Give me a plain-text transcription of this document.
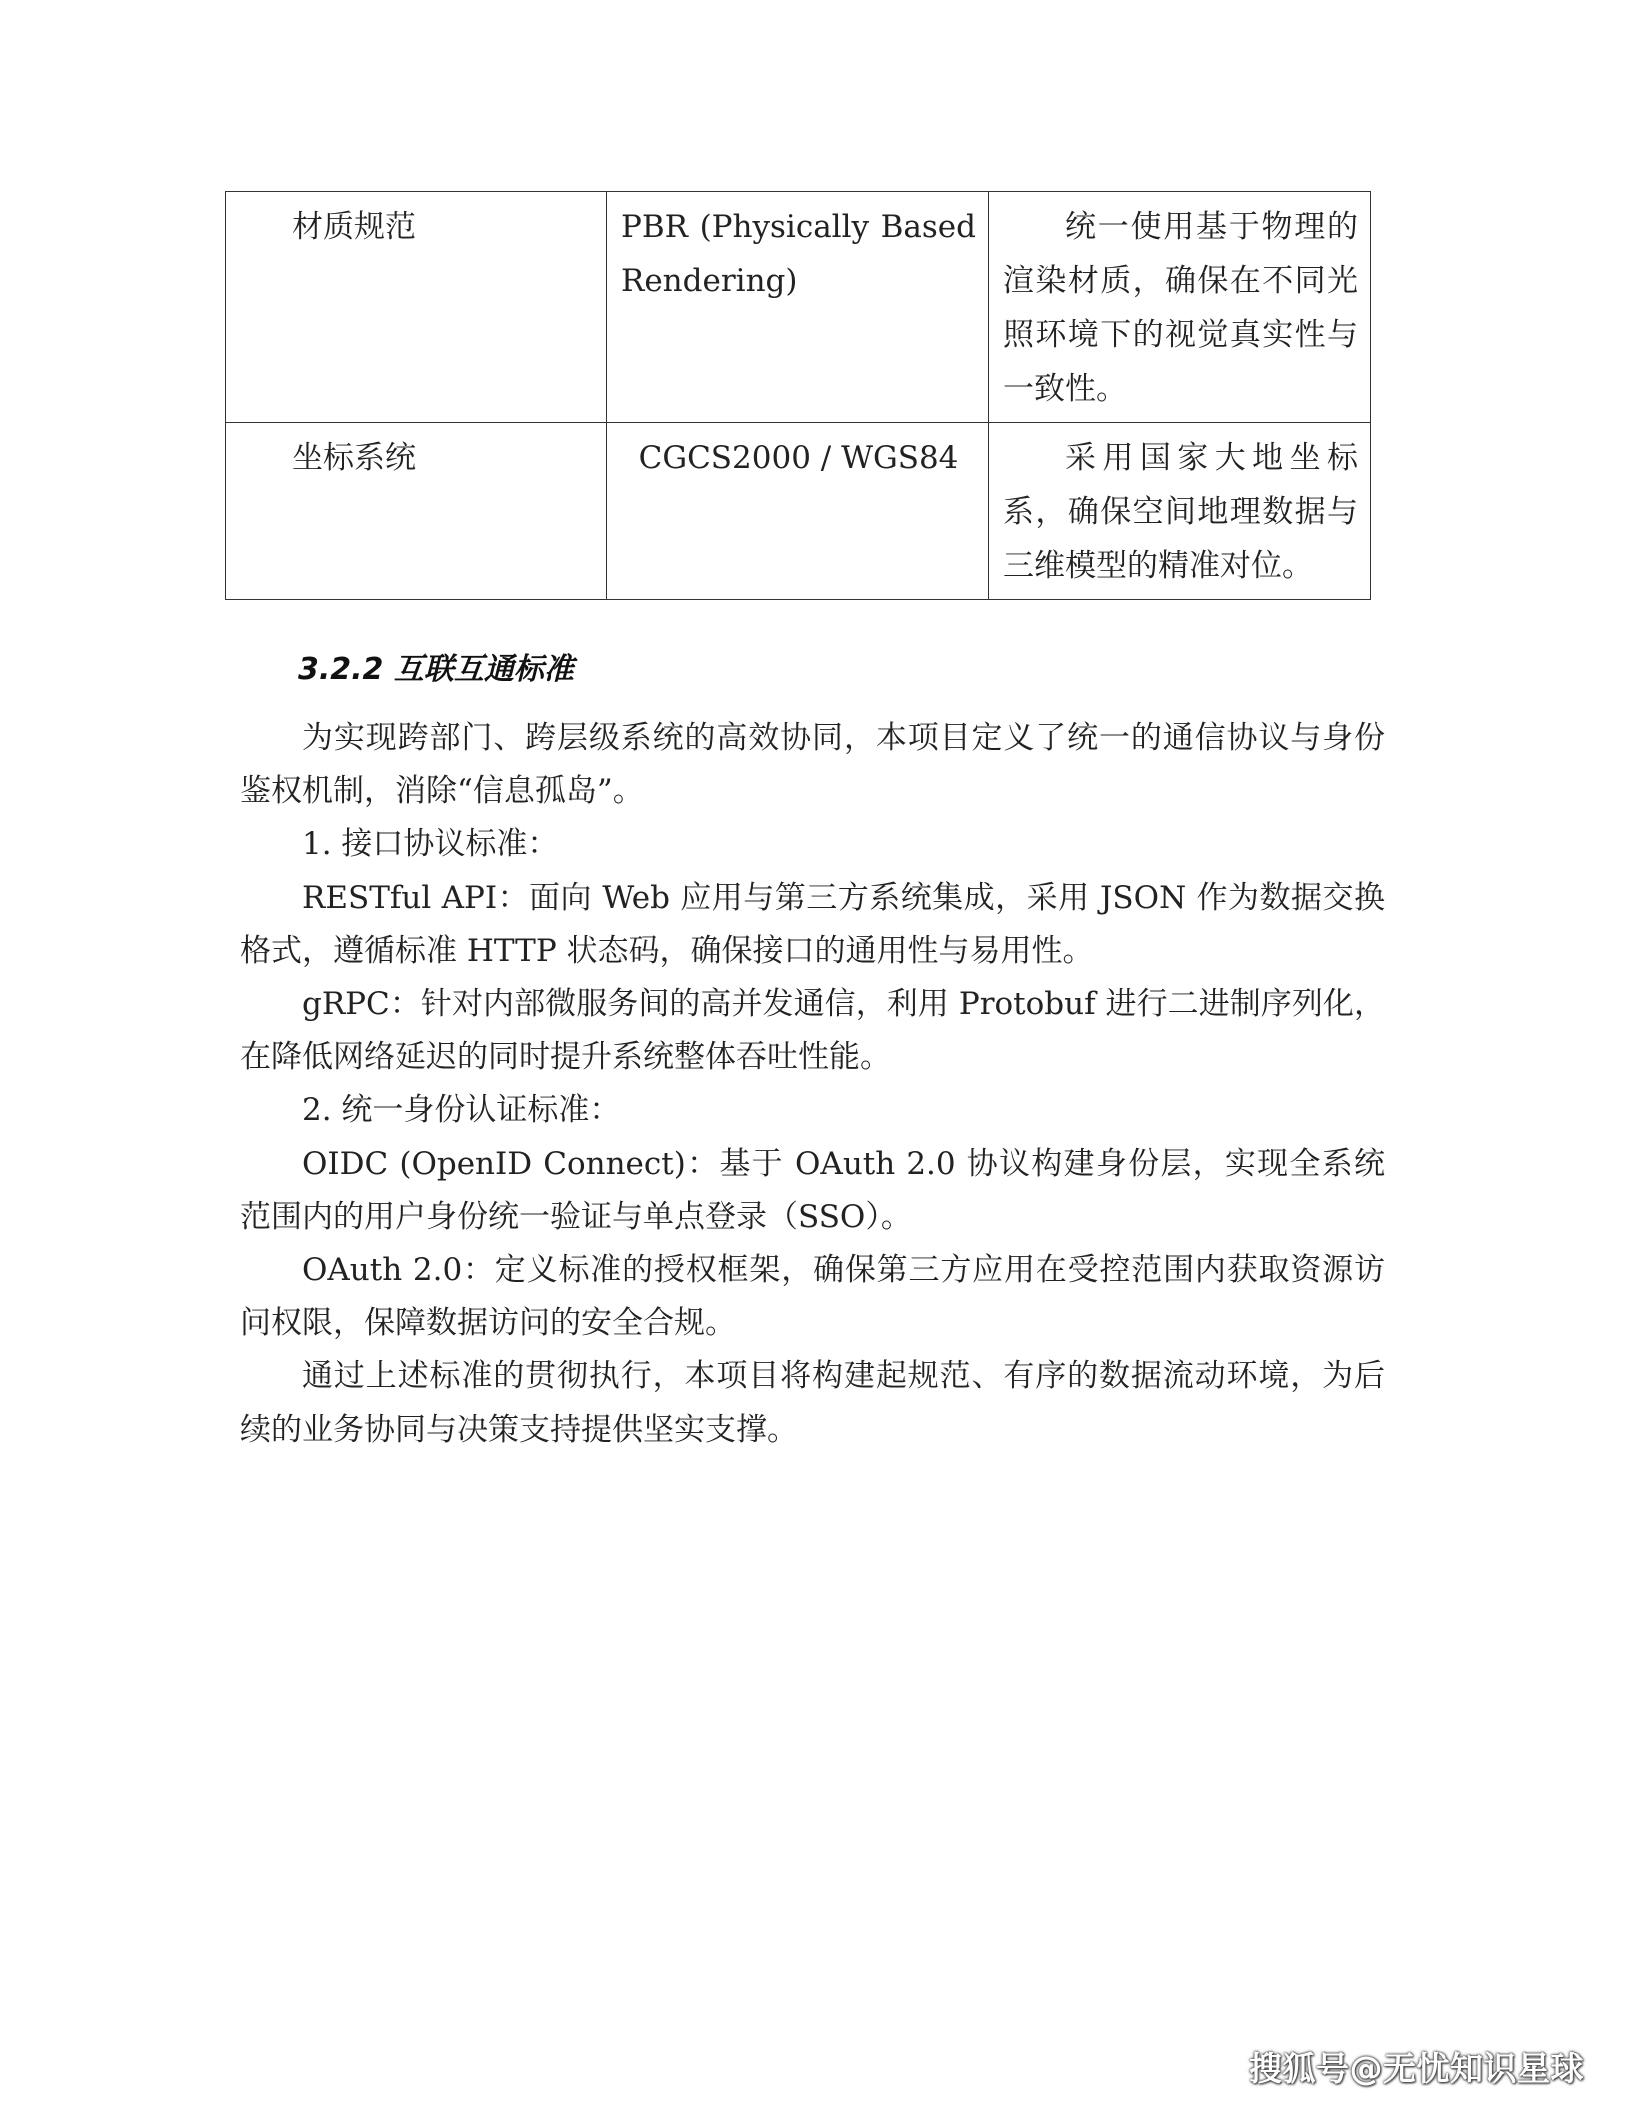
材质规范	PBR (Physically Based Rendering)	统一使用基于物理的渲染材质，确保在不同光照环境下的视觉真实性与一致性。
坐标系统	CGCS2000 / WGS84	采用国家大地坐标系，确保空间地理数据与三维模型的精准对位。
3.2.2 互联互通标准

为实现跨部门、跨层级系统的高效协同，本项目定义了统一的通信协议与身份鉴权机制，消除“信息孤岛”。

1. 接口协议标准：

RESTful API：面向 Web 应用与第三方系统集成，采用 JSON 作为数据交换格式，遵循标准 HTTP 状态码，确保接口的通用性与易用性。

gRPC：针对内部微服务间的高并发通信，利用 Protobuf 进行二进制序列化，在降低网络延迟的同时提升系统整体吞吐性能。

2. 统一身份认证标准：

OIDC (OpenID Connect)：基于 OAuth 2.0 协议构建身份层，实现全系统范围内的用户身份统一验证与单点登录（SSO）。

OAuth 2.0：定义标准的授权框架，确保第三方应用在受控范围内获取资源访问权限，保障数据访问的安全合规。

通过上述标准的贯彻执行，本项目将构建起规范、有序的数据流动环境，为后续的业务协同与决策支持提供坚实支撑。

搜狐号@无忧知识星球
